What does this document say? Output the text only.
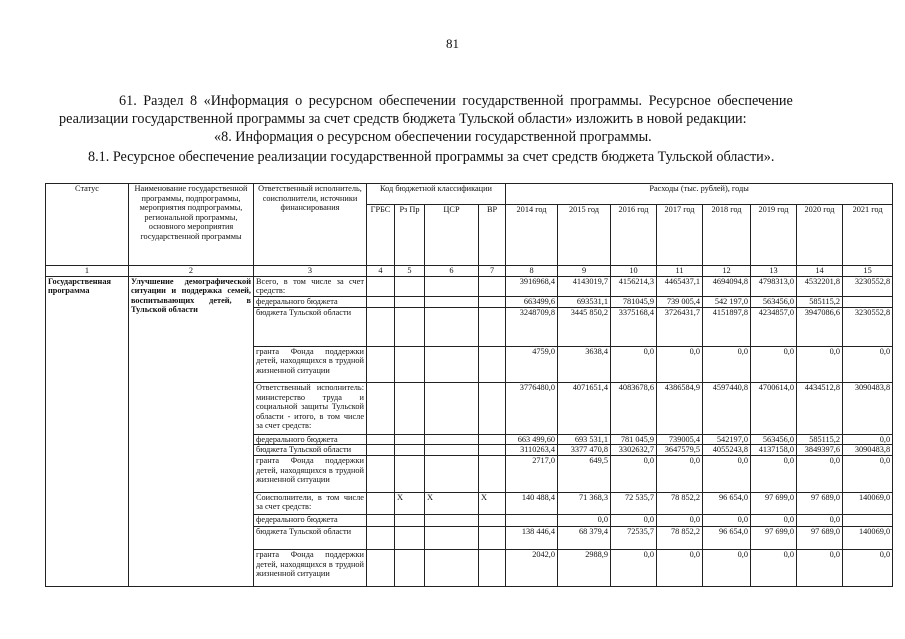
81
61. Раздел 8 «Информация о ресурсном обеспечении государственной программы. Ресурсное обеспечение
реализации государственной программы за счет средств бюджета Тульской области» изложить в новой редакции:
«8. Информация о ресурсном обеспечении государственной программы.
8.1. Ресурсное обеспечение реализации государственной программы за счет средств бюджета Тульской области».
Статус	Наименование государственной программы, подпрограммы, мероприятия подпрограммы, региональной программы, основного мероприятия государственной программы	Ответственный исполнитель, соисполнители, источники финансирования	Код бюджетной классификации				Расходы (тыс. рублей), годы							
			ГРБС	Рз Пр	ЦСР	ВР	2014 год	2015 год	2016 год	2017 год	2018 год	2019 год	2020 год	2021 год
1	2	3	4	5	6	7	8	9	10	11	12	13	14	15
Государственная программа	Улучшение демографической ситуации и поддержка семей, воспитывающих детей, в Тульской области	Всего, в том числе за счет средств:					3916968,4	4143019,7	4156214,3	4465437,1	4694094,8	4798313,0	4532201,8	3230552,8
		федерального бюджета					663499,6	693531,1	781045,9	739 005,4	542 197,0	563456,0	585115,2	
		бюджета Тульской области					3248709,8	3445 850,2	3375168,4	3726431,7	4151897,8	4234857,0	3947086,6	3230552,8
		гранта Фонда поддержки детей, находящихся в трудной жизненной ситуации					4759,0	3638,4	0,0	0,0	0,0	0,0	0,0	0,0
		Ответственный исполнитель: министерство труда и социальной защиты Тульской области - итого, в том числе за счет средств:					3776480,0	4071651,4	4083678,6	4386584,9	4597440,8	4700614,0	4434512,8	3090483,8
		федерального бюджета					663 499,60	693 531,1	781 045,9	739005,4	542197,0	563456,0	585115,2	0,0
		бюджета Тульской области					3110263,4	3377 470,8	3302632,7	3647579,5	4055243,8	4137158,0	3849397,6	3090483,8
		гранта Фонда поддержки детей, находящихся в трудной жизненной ситуации					2717,0	649,5	0,0	0,0	0,0	0,0	0,0	0,0
		Соисполнители, в том числе за счет средств:		X	X	X	140 488,4	71 368,3	72 535,7	78 852,2	96 654,0	97 699,0	97 689,0	140069,0
		федерального бюджета						0,0	0,0	0,0	0,0	0,0	0,0	
		бюджета Тульской области					138 446,4	68 379,4	72535,7	78 852,2	96 654,0	97 699,0	97 689,0	140069,0
		гранта Фонда поддержки детей, находящихся в трудной жизненной ситуации					2042,0	2988,9	0,0	0,0	0,0	0,0	0,0	0,0
